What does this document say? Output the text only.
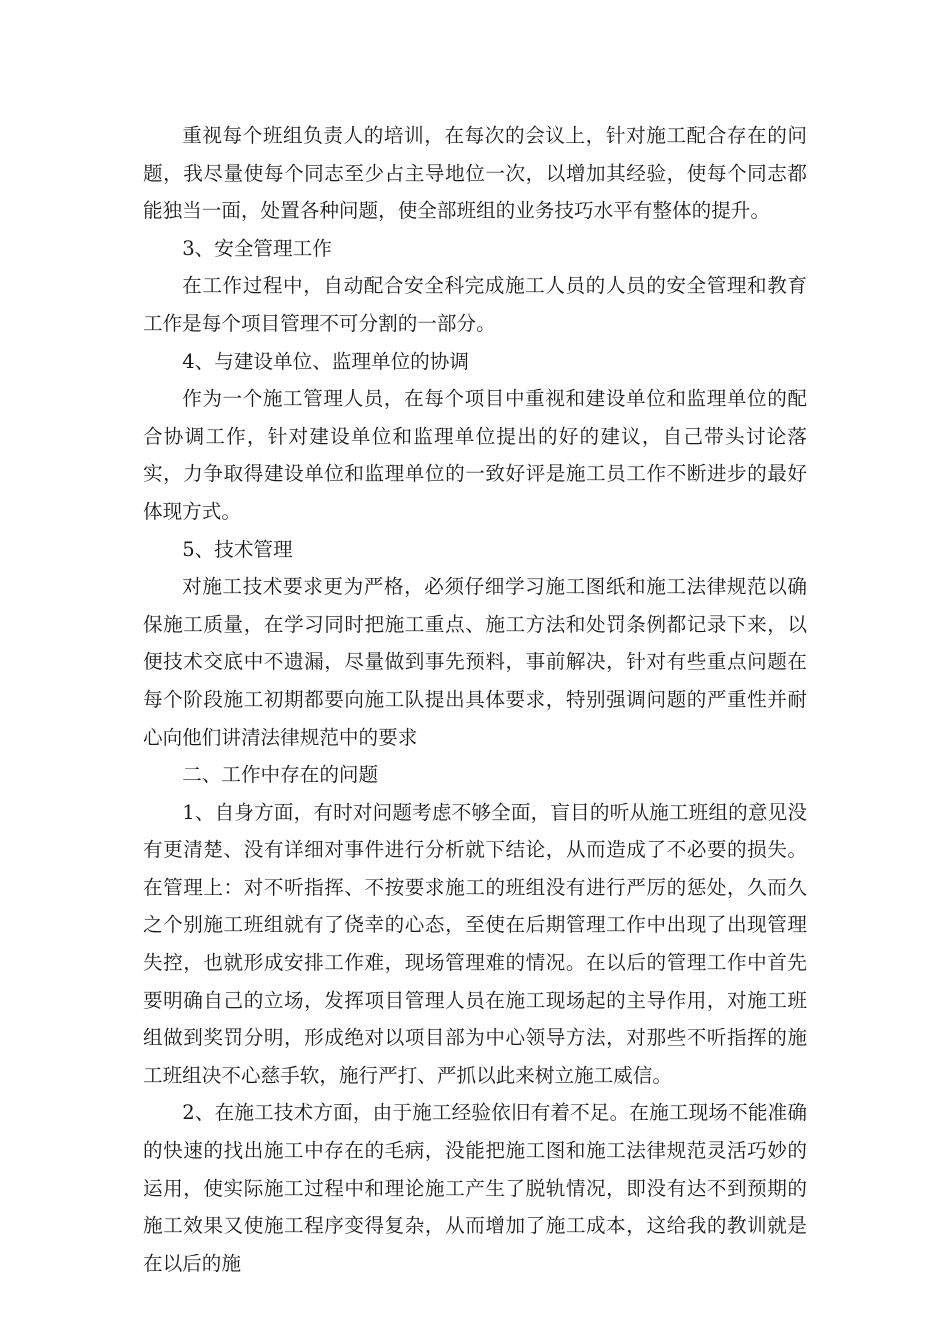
重视每个班组负责人的培训，在每次的会议上，针对施工配合存在的问题，我尽量使每个同志至少占主导地位一次，以增加其经验，使每个同志都能独当一面，处置各种问题，使全部班组的业务技巧水平有整体的提升。

3、安全管理工作

在工作过程中，自动配合安全科完成施工人员的人员的安全管理和教育工作是每个项目管理不可分割的一部分。

4、与建设单位、监理单位的协调

作为一个施工管理人员，在每个项目中重视和建设单位和监理单位的配合协调工作，针对建设单位和监理单位提出的好的建议，自己带头讨论落实，力争取得建设单位和监理单位的一致好评是施工员工作不断进步的最好体现方式。

5、技术管理

对施工技术要求更为严格，必须仔细学习施工图纸和施工法律规范以确保施工质量，在学习同时把施工重点、施工方法和处罚条例都记录下来，以便技术交底中不遗漏，尽量做到事先预料，事前解决，针对有些重点问题在每个阶段施工初期都要向施工队提出具体要求，特别强调问题的严重性并耐心向他们讲清法律规范中的要求

二、工作中存在的问题

1、自身方面，有时对问题考虑不够全面，盲目的听从施工班组的意见没有更清楚、没有详细对事件进行分析就下结论，从而造成了不必要的损失。在管理上：对不听指挥、不按要求施工的班组没有进行严厉的惩处，久而久之个别施工班组就有了侥幸的心态，至使在后期管理工作中出现了出现管理失控，也就形成安排工作难，现场管理难的情况。在以后的管理工作中首先要明确自己的立场，发挥项目管理人员在施工现场起的主导作用，对施工班组做到奖罚分明，形成绝对以项目部为中心领导方法，对那些不听指挥的施工班组决不心慈手软，施行严打、严抓以此来树立施工威信。

2、在施工技术方面，由于施工经验依旧有着不足。在施工现场不能准确的快速的找出施工中存在的毛病，没能把施工图和施工法律规范灵活巧妙的运用，使实际施工过程中和理论施工产生了脱轨情况，即没有达不到预期的施工效果又使施工程序变得复杂，从而增加了施工成本，这给我的教训就是在以后的施
